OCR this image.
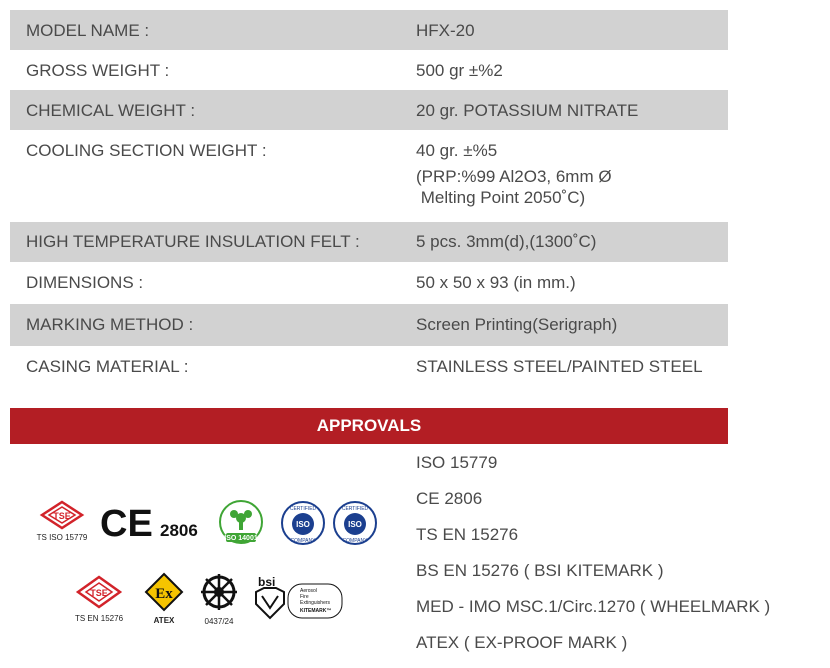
MODEL NAME :	HFX-20
GROSS WEIGHT :	500 gr ±%2
CHEMICAL WEIGHT :	20 gr. POTASSIUM NITRATE
COOLING SECTION WEIGHT :	40 gr. ±%5
(PRP:%99 Al2O3, 6mm Ø
Melting Point 2050˚C)
HIGH TEMPERATURE INSULATION FELT :	5 pcs. 3mm(d),(1300˚C)
DIMENSIONS :	50 x 50 x 93 (in mm.)
MARKING METHOD :	Screen Printing(Serigraph)
CASING MATERIAL :	STAINLESS STEEL/PAINTED STEEL
APPROVALS
ISO 15779
CE 2806
TS EN 15276
BS EN 15276 ( BSI KITEMARK )
MED - IMO MSC.1/Circ.1270 ( WHEELMARK )
ATEX ( EX-PROOF MARK )
TSE
TS ISO 15779 CE 2806	ISO 14001
CERTIFIED
ISO
COMPANY
CERTIFIED
ISO
COMPANY
TSE
TS EN 15276
Ex
ATEX	0437/24
bsi
Aerosol
Fire
Extinguishers
KITEMARK™
